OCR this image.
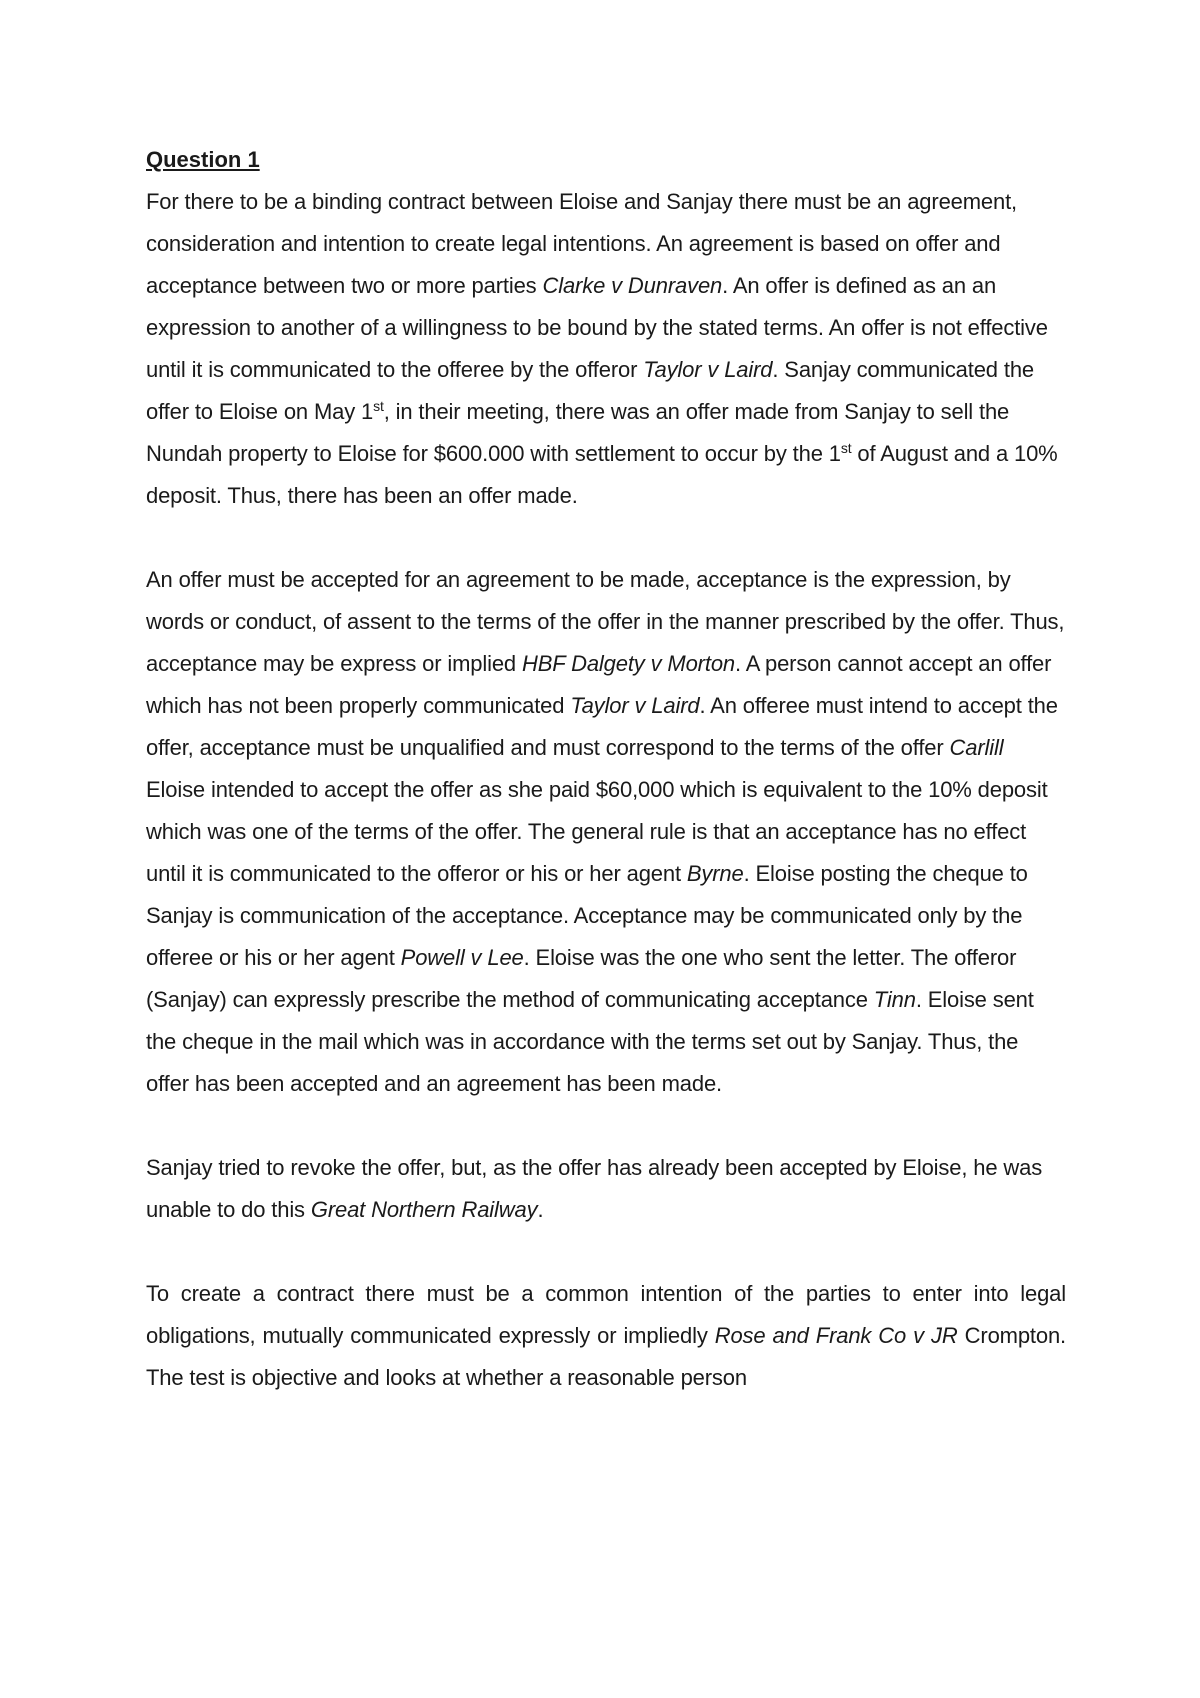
Question 1

For there to be a binding contract between Eloise and Sanjay there must be an agreement, consideration and intention to create legal intentions. An agreement is based on offer and acceptance between two or more parties Clarke v Dunraven. An offer is defined as an an expression to another of a willingness to be bound by the stated terms. An offer is not effective until it is communicated to the offeree by the offeror Taylor v Laird. Sanjay communicated the offer to Eloise on May 1st, in their meeting, there was an offer made from Sanjay to sell the Nundah property to Eloise for $600.000 with settlement to occur by the 1st of August and a 10% deposit. Thus, there has been an offer made.

An offer must be accepted for an agreement to be made, acceptance is the expression, by words or conduct, of assent to the terms of the offer in the manner prescribed by the offer. Thus, acceptance may be express or implied HBF Dalgety v Morton. A person cannot accept an offer which has not been properly communicated Taylor v Laird. An offeree must intend to accept the offer, acceptance must be unqualified and must correspond to the terms of the offer Carlill Eloise intended to accept the offer as she paid $60,000 which is equivalent to the 10% deposit which was one of the terms of the offer. The general rule is that an acceptance has no effect until it is communicated to the offeror or his or her agent Byrne. Eloise posting the cheque to Sanjay is communication of the acceptance. Acceptance may be communicated only by the offeree or his or her agent Powell v Lee. Eloise was the one who sent the letter. The offeror (Sanjay) can expressly prescribe the method of communicating acceptance Tinn. Eloise sent the cheque in the mail which was in accordance with the terms set out by Sanjay. Thus, the offer has been accepted and an agreement has been made.

Sanjay tried to revoke the offer, but, as the offer has already been accepted by Eloise, he was unable to do this Great Northern Railway.

To create a contract there must be a common intention of the parties to enter into legal obligations, mutually communicated expressly or impliedly Rose and Frank Co v JR Crompton. The test is objective and looks at whether a reasonable person
